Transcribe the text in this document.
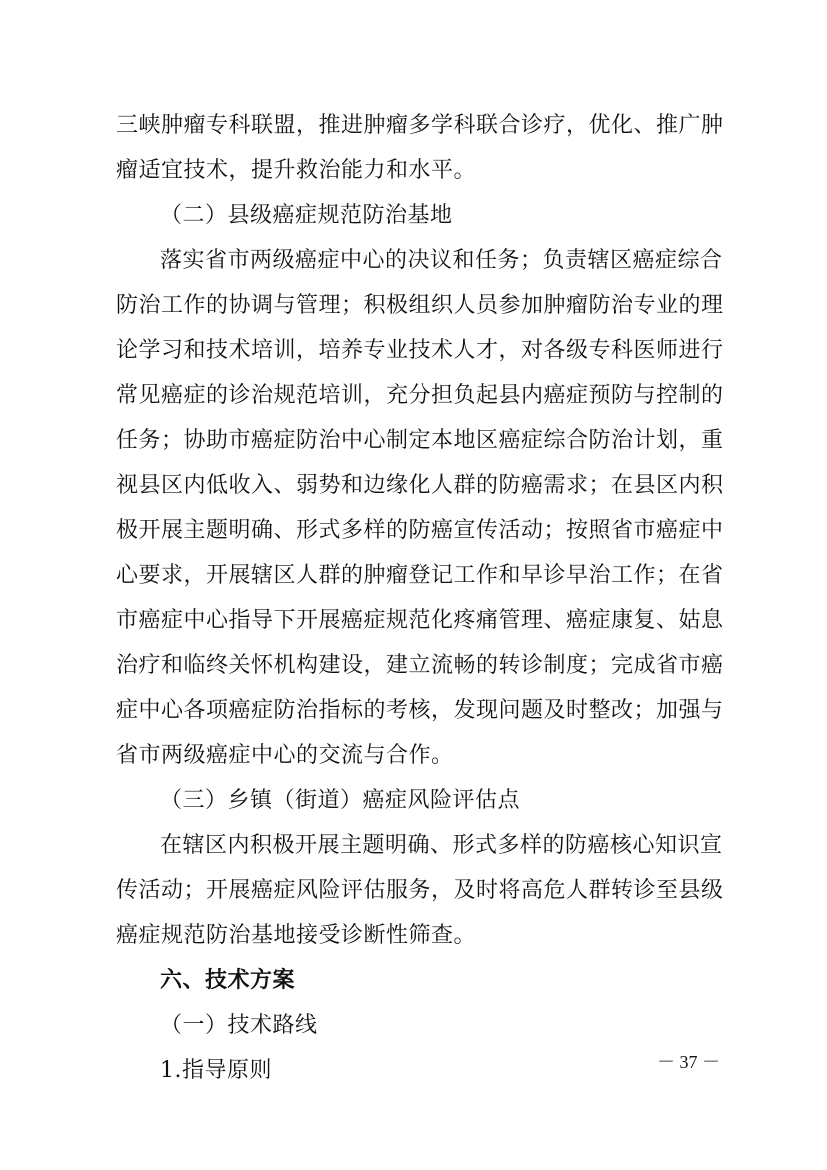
三峡肿瘤专科联盟，推进肿瘤多学科联合诊疗，优化、推广肿
瘤适宜技术，提升救治能力和水平。
（二）县级癌症规范防治基地
落实省市两级癌症中心的决议和任务；负责辖区癌症综合
防治工作的协调与管理；积极组织人员参加肿瘤防治专业的理
论学习和技术培训，培养专业技术人才，对各级专科医师进行
常见癌症的诊治规范培训，充分担负起县内癌症预防与控制的
任务；协助市癌症防治中心制定本地区癌症综合防治计划，重
视县区内低收入、弱势和边缘化人群的防癌需求；在县区内积
极开展主题明确、形式多样的防癌宣传活动；按照省市癌症中
心要求，开展辖区人群的肿瘤登记工作和早诊早治工作；在省
市癌症中心指导下开展癌症规范化疼痛管理、癌症康复、姑息
治疗和临终关怀机构建设，建立流畅的转诊制度；完成省市癌
症中心各项癌症防治指标的考核，发现问题及时整改；加强与
省市两级癌症中心的交流与合作。
（三）乡镇（街道）癌症风险评估点
在辖区内积极开展主题明确、形式多样的防癌核心知识宣
传活动；开展癌症风险评估服务，及时将高危人群转诊至县级
癌症规范防治基地接受诊断性筛查。
六、技术方案
（一）技术路线
1.指导原则	－ 37 －
